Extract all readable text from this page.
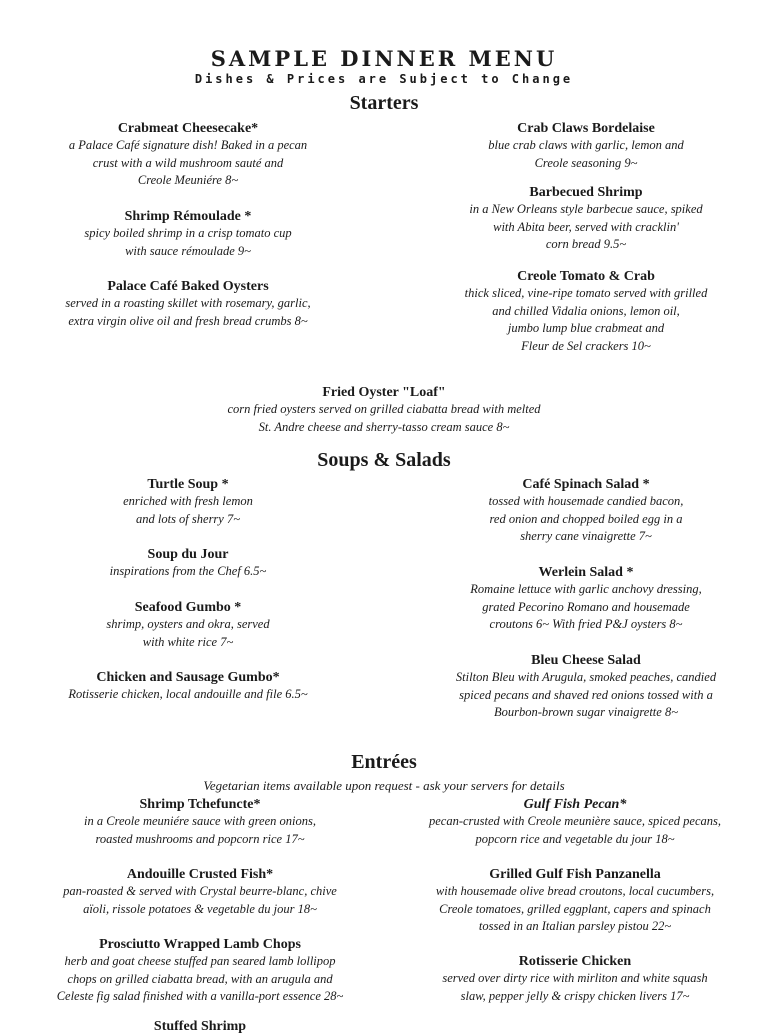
SAMPLE DINNER MENU
Dishes & Prices are Subject to Change
Starters
Crabmeat Cheesecake*
a Palace Café signature dish! Baked in a pecan
crust with a wild mushroom sauté and
Creole Meuniére 8~
Shrimp Rémoulade *
spicy boiled shrimp in a crisp tomato cup
with sauce rémoulade 9~
Palace Café Baked Oysters
served in a roasting skillet with rosemary, garlic,
extra virgin olive oil and fresh bread crumbs 8~
Crab Claws Bordelaise
blue crab claws with garlic, lemon and
Creole seasoning 9~
Barbecued Shrimp
in a New Orleans style barbecue sauce, spiked
with Abita beer, served with cracklin'
corn bread 9.5~
Creole Tomato & Crab
thick sliced, vine-ripe tomato served with grilled
and chilled Vidalia onions, lemon oil,
jumbo lump blue crabmeat and
Fleur de Sel crackers 10~
Fried Oyster "Loaf"
corn fried oysters served on grilled ciabatta bread with melted
St. Andre cheese and sherry-tasso cream sauce 8~
Soups & Salads
Turtle Soup *
enriched with fresh lemon
and lots of sherry 7~
Soup du Jour
inspirations from the Chef 6.5~
Seafood Gumbo *
shrimp, oysters and okra, served
with white rice 7~
Chicken and Sausage Gumbo*
Rotisserie chicken, local andouille and file 6.5~
Café Spinach Salad *
tossed with housemade candied bacon,
red onion and chopped boiled egg in a
sherry cane vinaigrette 7~
Werlein Salad *
Romaine lettuce with garlic anchovy dressing,
grated Pecorino Romano and housemade
croutons 6~ With fried P&J oysters 8~
Bleu Cheese Salad
Stilton Bleu with Arugula, smoked peaches, candied
spiced pecans and shaved red onions tossed with a
Bourbon-brown sugar vinaigrette 8~
Entrées
Vegetarian items available upon request - ask your servers for details
Shrimp Tchefuncte*
in a Creole meuniére sauce with green onions,
roasted mushrooms and popcorn rice 17~
Andouille Crusted Fish*
pan-roasted & served with Crystal beurre-blanc, chive
aïoli, rissole potatoes & vegetable du jour 18~
Prosciutto Wrapped Lamb Chops
herb and goat cheese stuffed pan seared lamb lollipop
chops on grilled ciabatta bread, with an arugula and
Celeste fig salad finished with a vanilla-port essence 28~
Stuffed Shrimp
Gulf Fish Pecan*
pecan-crusted with Creole meunière sauce, spiced pecans,
popcorn rice and vegetable du jour 18~
Grilled Gulf Fish Panzanella
with housemade olive bread croutons, local cucumbers,
Creole tomatoes, grilled eggplant, capers and spinach
tossed in an Italian parsley pistou 22~
Rotisserie Chicken
served over dirty rice with mirliton and white squash
slaw, pepper jelly & crispy chicken livers 17~
